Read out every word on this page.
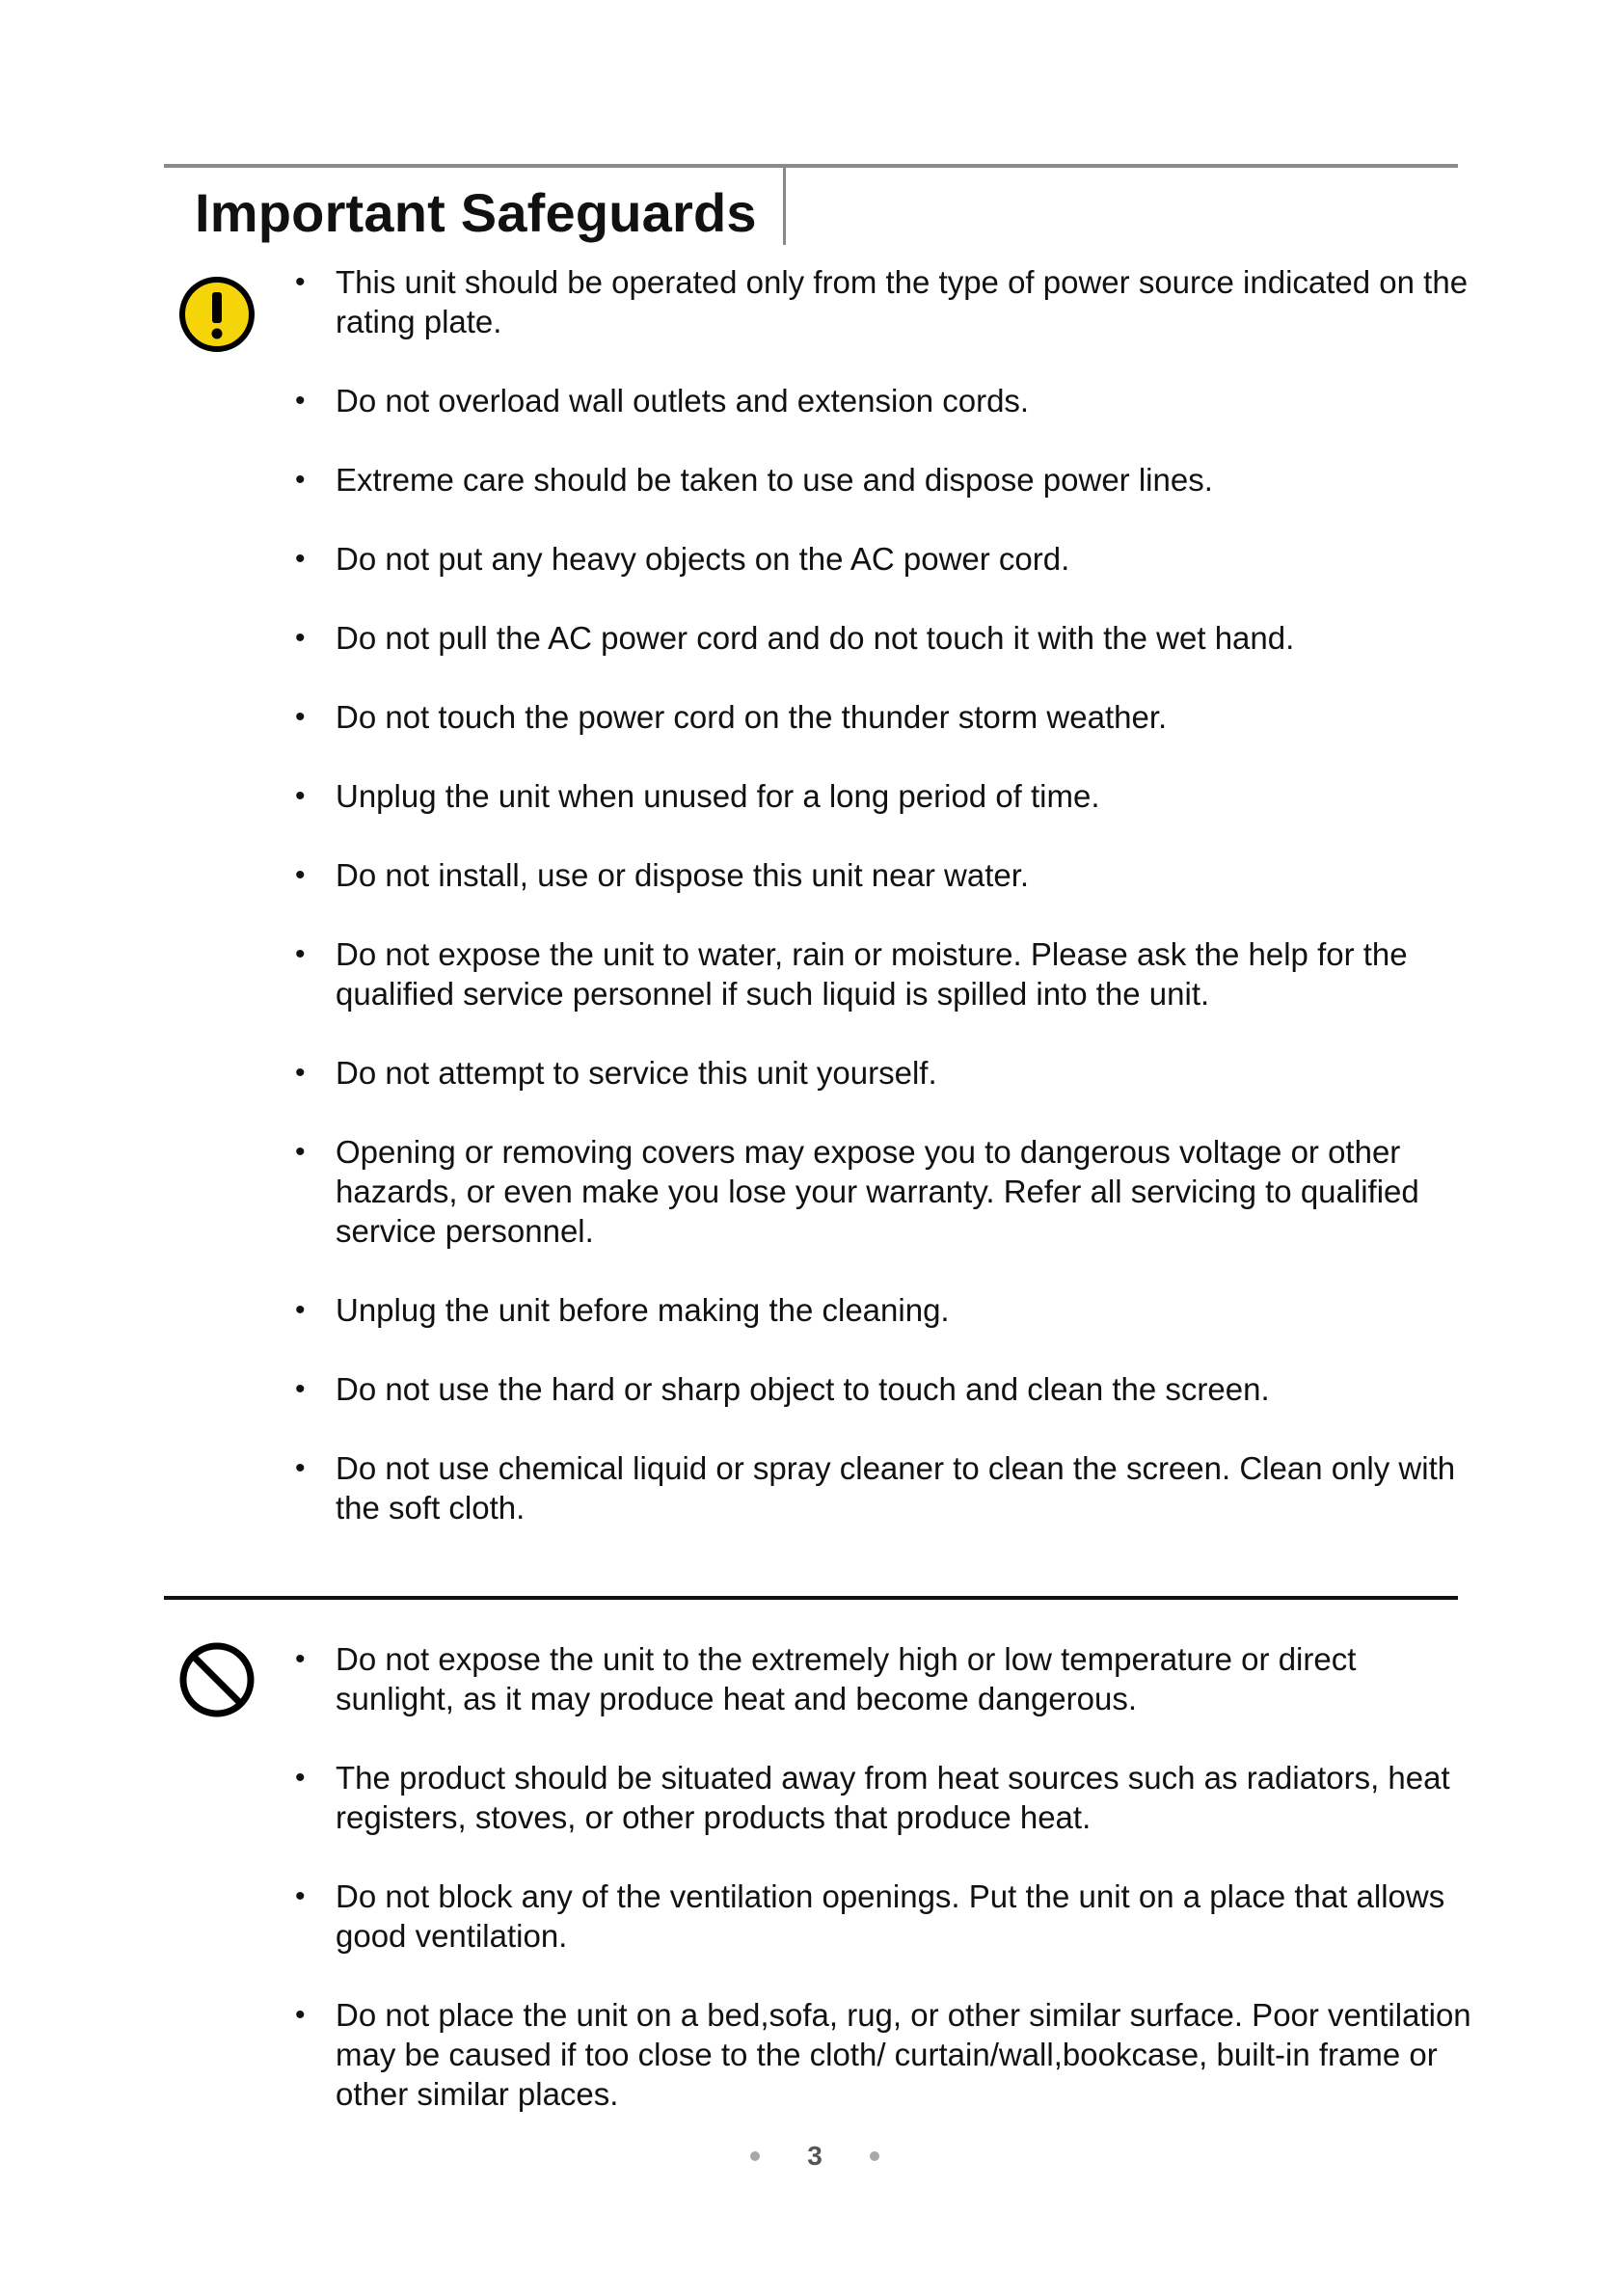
Important Safeguards
• This unit should be operated only from the type of power source indicated on the rating plate.
• Do not overload wall outlets and extension cords.
• Extreme care should be taken to use and dispose power lines.
• Do not put any heavy objects on the AC power cord.
• Do not pull the AC power cord and do not touch it with the wet hand.
• Do not touch the power cord on the thunder storm weather.
• Unplug the unit when unused for a long period of time.
• Do not install, use or dispose this unit near water.
• Do not expose the unit to water, rain or moisture. Please ask the help for the qualified service personnel if such liquid is spilled into the unit.
• Do not attempt to service this unit yourself.
• Opening or removing covers may expose you to dangerous voltage or other hazards, or even make you lose your warranty. Refer all servicing to qualified service personnel.
• Unplug the unit before making the cleaning.
• Do not use the hard or sharp object to touch and clean the screen.
• Do not use chemical liquid or spray cleaner to clean the screen. Clean only with the soft cloth.
• Do not expose the unit to the extremely high or low temperature or direct sunlight, as it may produce heat and become dangerous.
• The product should be situated away from heat sources such as radiators, heat registers, stoves, or other products that produce heat.
• Do not block any of the ventilation openings. Put the unit on a place that allows good ventilation.
• Do not place the unit on a bed,sofa, rug, or other similar surface. Poor ventilation may be caused if too close to the cloth/ curtain/wall,bookcase, built-in frame or other similar places.
3
